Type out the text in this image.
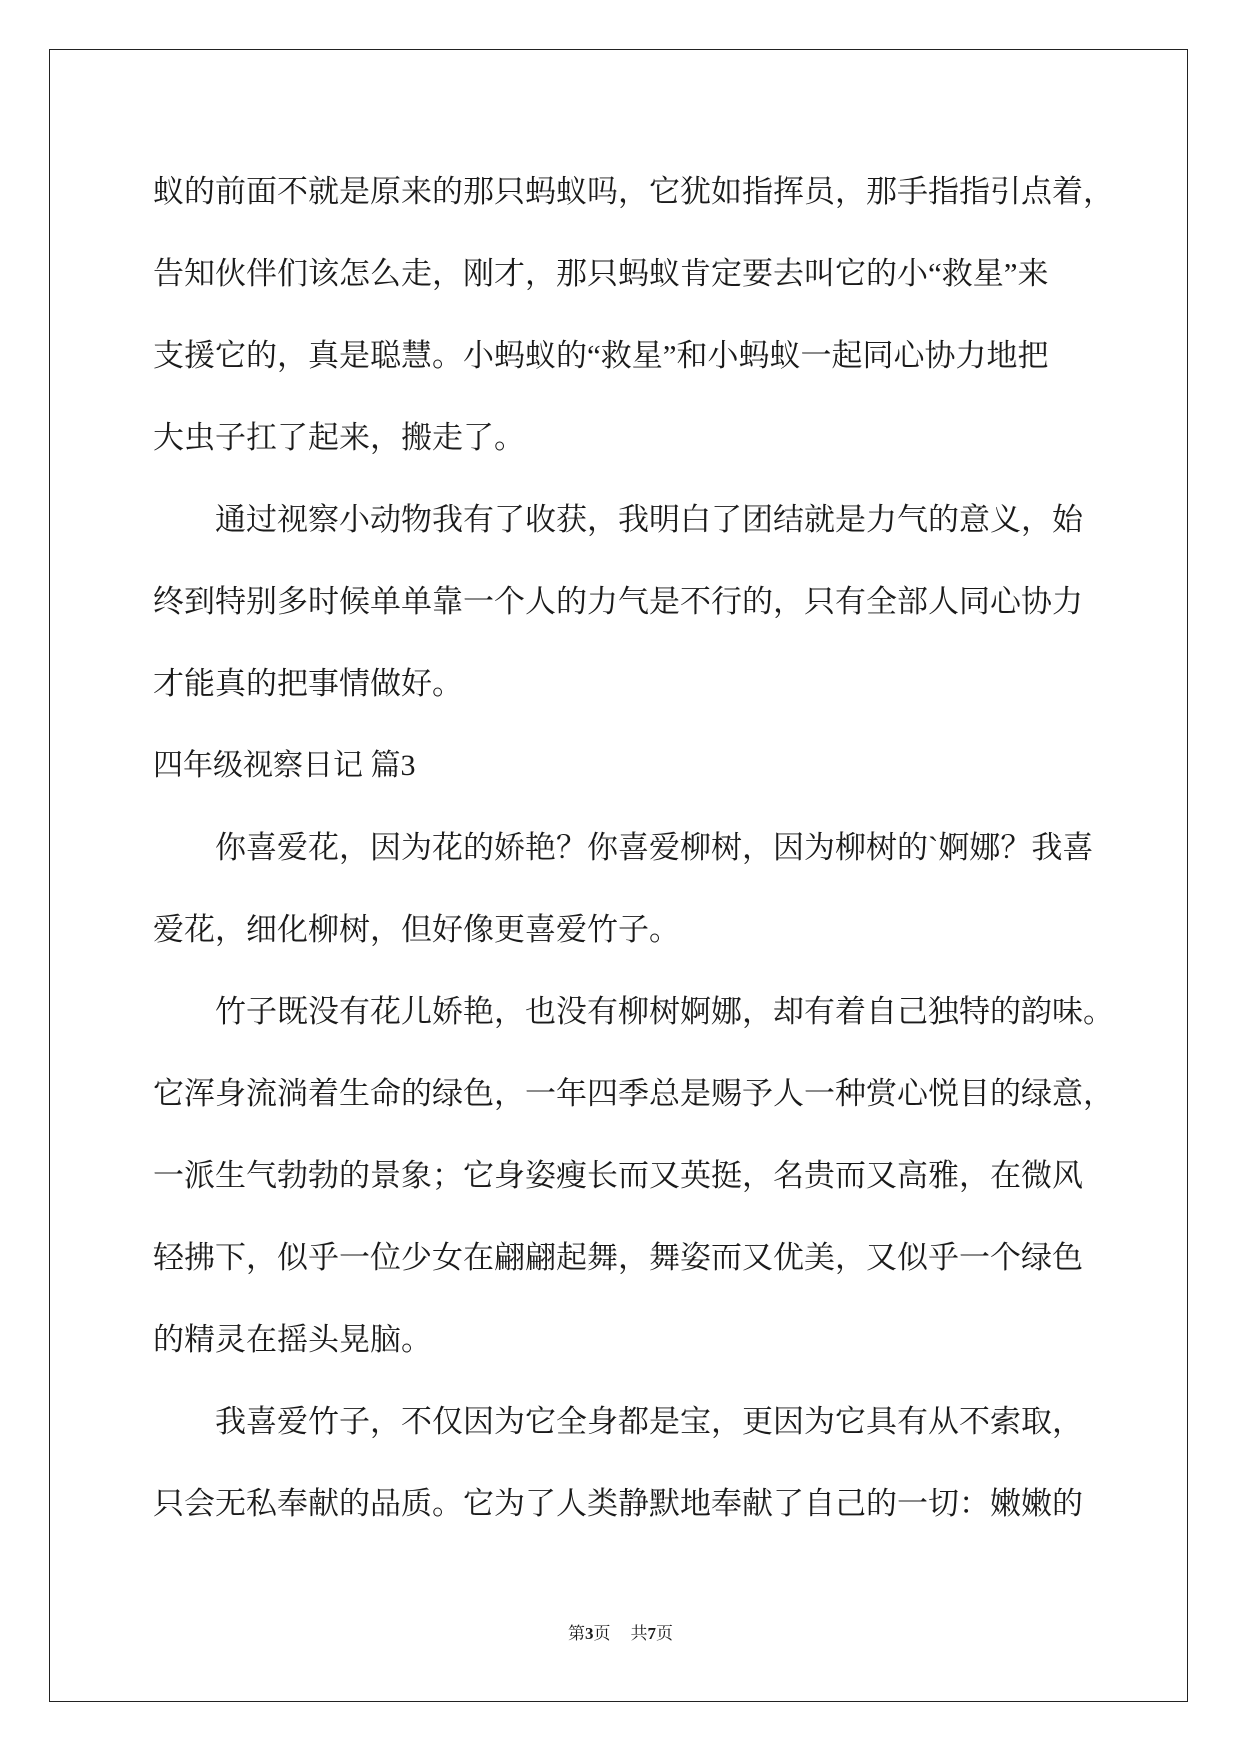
蚁的前面不就是原来的那只蚂蚁吗，它犹如指挥员，那手指指引点着，
告知伙伴们该怎么走，刚才，那只蚂蚁肯定要去叫它的小“救星”来
支援它的，真是聪慧。小蚂蚁的“救星”和小蚂蚁一起同心协力地把
大虫子扛了起来，搬走了。
通过视察小动物我有了收获，我明白了团结就是力气的意义，始
终到特别多时候单单靠一个人的力气是不行的，只有全部人同心协力
才能真的把事情做好。
四年级视察日记 篇3
你喜爱花，因为花的娇艳？你喜爱柳树，因为柳树的`婀娜？我喜
爱花，细化柳树，但好像更喜爱竹子。
竹子既没有花儿娇艳，也没有柳树婀娜，却有着自己独特的韵味。
它浑身流淌着生命的绿色，一年四季总是赐予人一种赏心悦目的绿意，
一派生气勃勃的景象；它身姿瘦长而又英挺，名贵而又高雅，在微风
轻拂下，似乎一位少女在翩翩起舞，舞姿而又优美，又似乎一个绿色
的精灵在摇头晃脑。
我喜爱竹子，不仅因为它全身都是宝，更因为它具有从不索取，
只会无私奉献的品质。它为了人类静默地奉献了自己的一切：嫩嫩的
第3页 共7页
